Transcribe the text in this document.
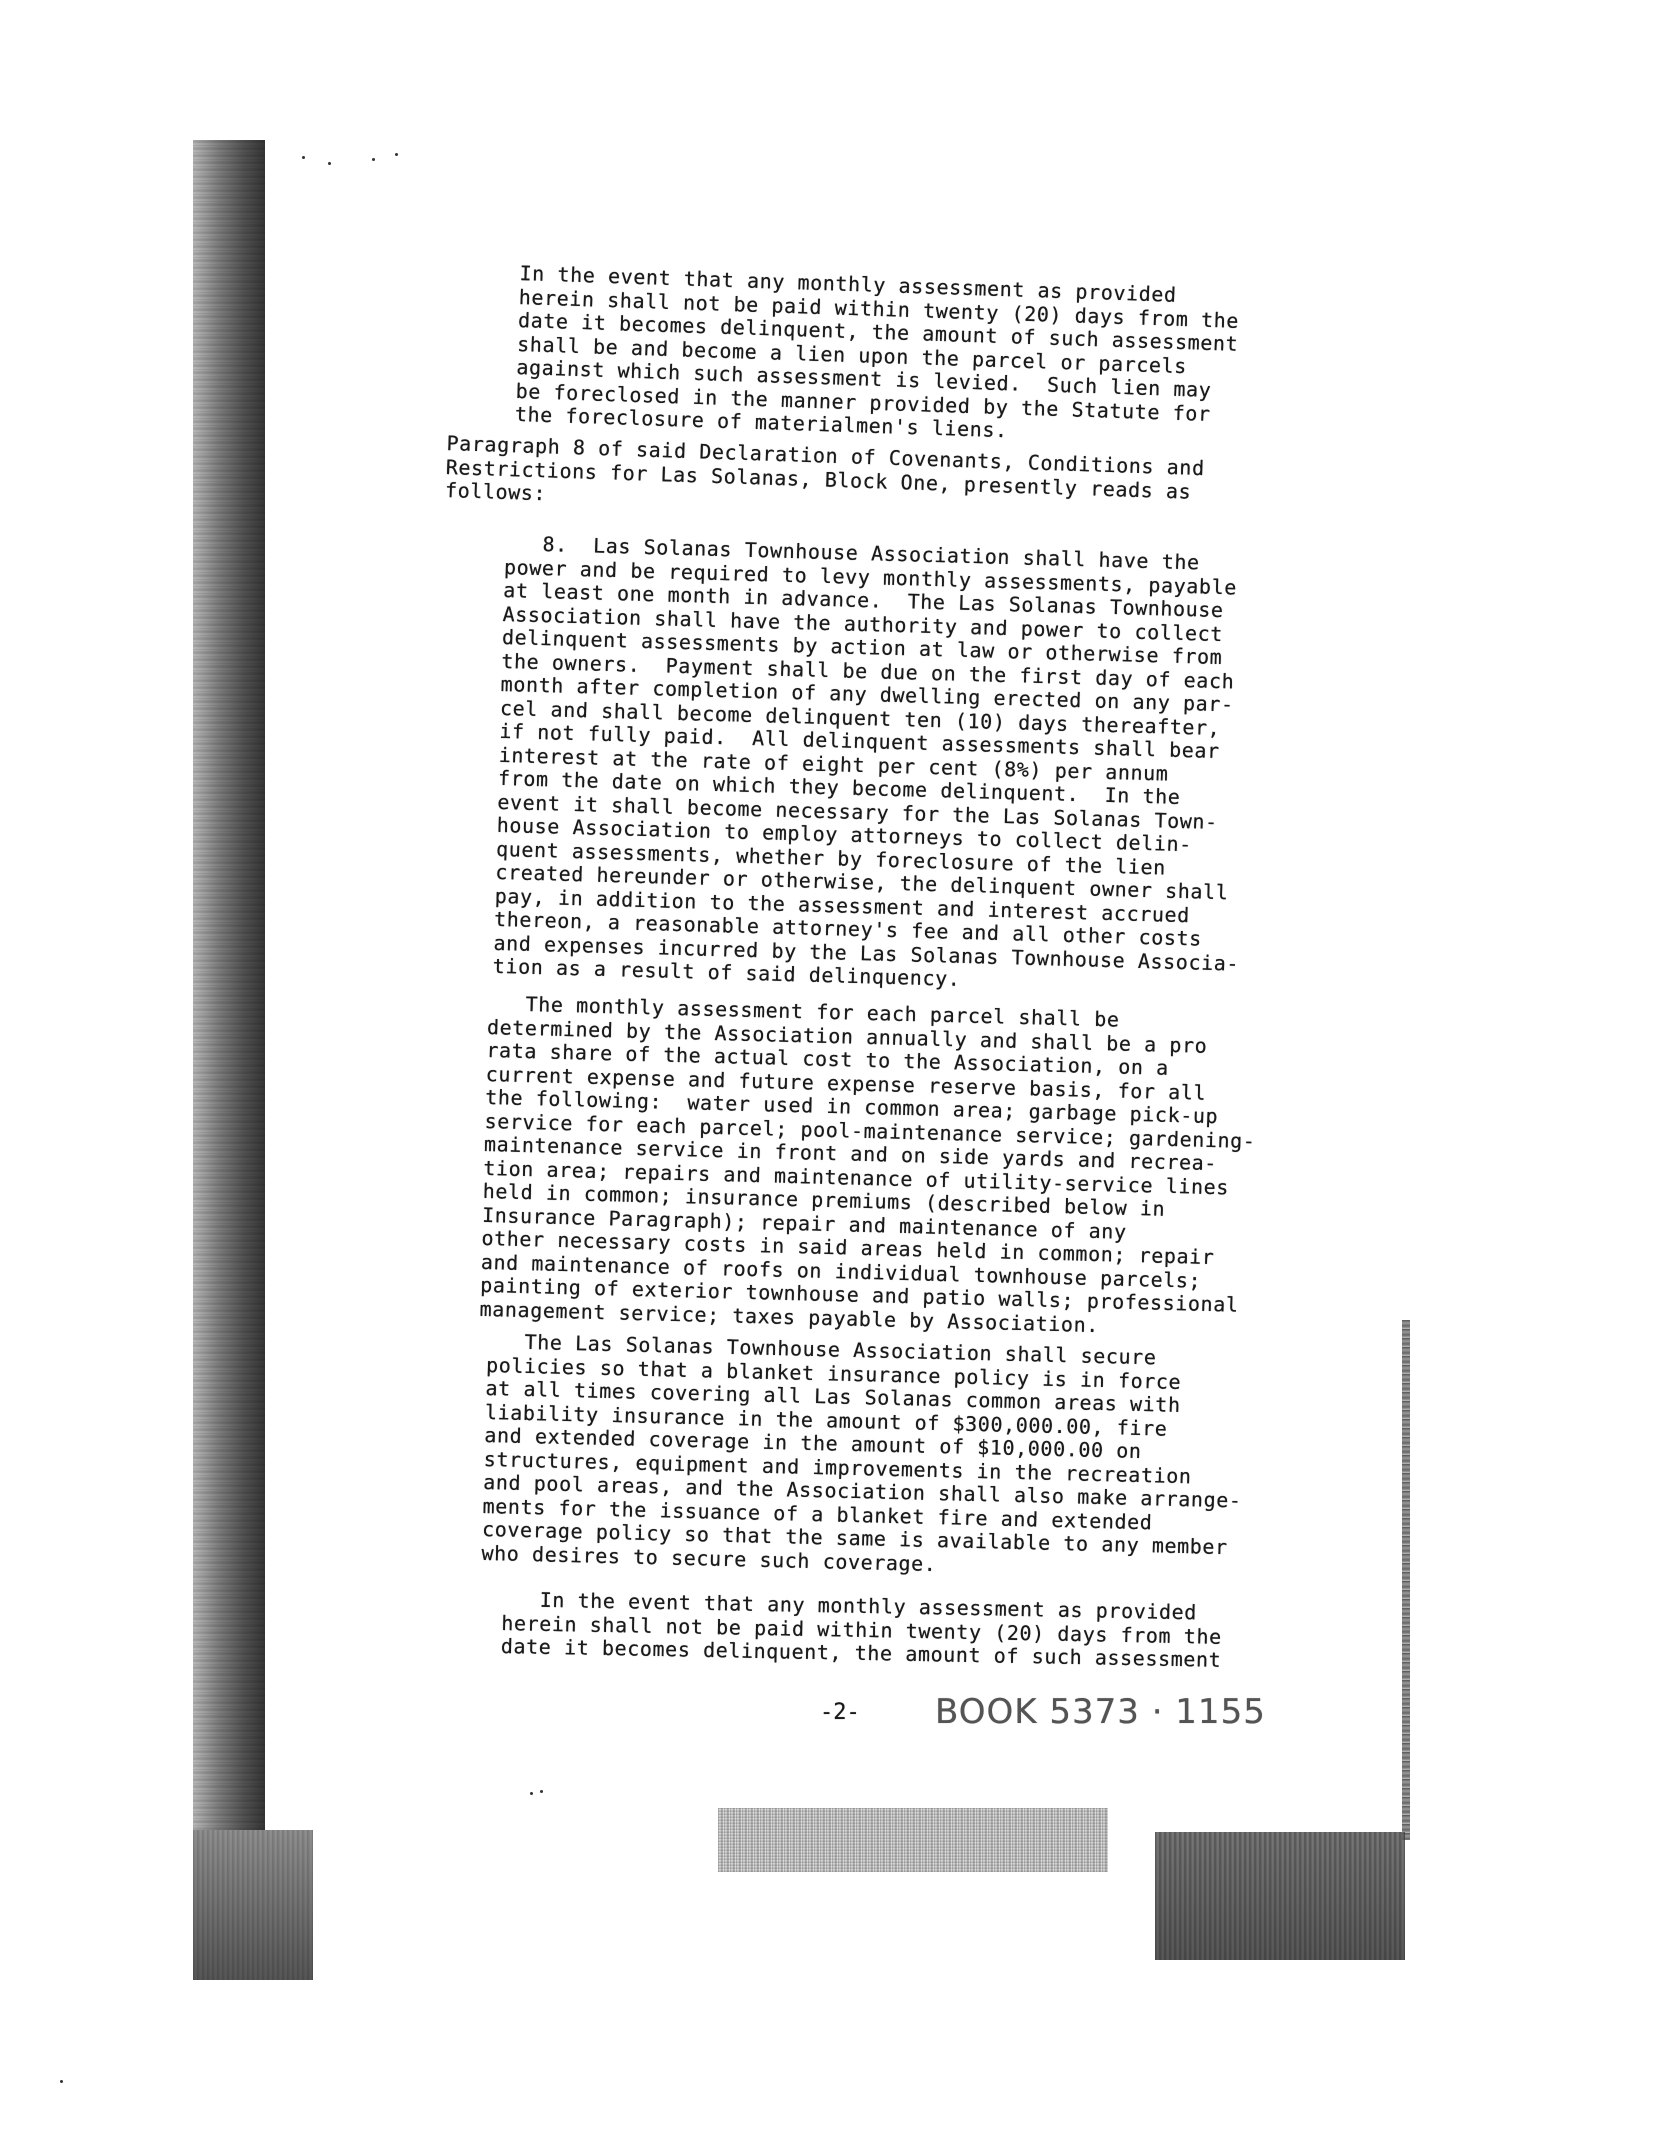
In the event that any monthly assessment as provided
herein shall not be paid within twenty (20) days from the
date it becomes delinquent, the amount of such assessment
shall be and become a lien upon the parcel or parcels
against which such assessment is levied.  Such lien may
be foreclosed in the manner provided by the Statute for
the foreclosure of materialmen's liens.

Paragraph 8 of said Declaration of Covenants, Conditions and
Restrictions for Las Solanas, Block One, presently reads as
follows:

8.  Las Solanas Townhouse Association shall have the
power and be required to levy monthly assessments, payable
at least one month in advance.  The Las Solanas Townhouse
Association shall have the authority and power to collect
delinquent assessments by action at law or otherwise from
the owners.  Payment shall be due on the first day of each
month after completion of any dwelling erected on any par-
cel and shall become delinquent ten (10) days thereafter,
if not fully paid.  All delinquent assessments shall bear
interest at the rate of eight per cent (8%) per annum
from the date on which they become delinquent.  In the
event it shall become necessary for the Las Solanas Town-
house Association to employ attorneys to collect delin-
quent assessments, whether by foreclosure of the lien
created hereunder or otherwise, the delinquent owner shall
pay, in addition to the assessment and interest accrued
thereon, a reasonable attorney's fee and all other costs
and expenses incurred by the Las Solanas Townhouse Associa-
tion as a result of said delinquency.

The monthly assessment for each parcel shall be
determined by the Association annually and shall be a pro
rata share of the actual cost to the Association, on a
current expense and future expense reserve basis, for all
the following:  water used in common area; garbage pick-up
service for each parcel; pool-maintenance service; gardening-
maintenance service in front and on side yards and recrea-
tion area; repairs and maintenance of utility-service lines
held in common; insurance premiums (described below in
Insurance Paragraph); repair and maintenance of any
other necessary costs in said areas held in common; repair
and maintenance of roofs on individual townhouse parcels;
painting of exterior townhouse and patio walls; professional
management service; taxes payable by Association.

The Las Solanas Townhouse Association shall secure
policies so that a blanket insurance policy is in force
at all times covering all Las Solanas common areas with
liability insurance in the amount of $300,000.00, fire
and extended coverage in the amount of $10,000.00 on
structures, equipment and improvements in the recreation
and pool areas, and the Association shall also make arrange-
ments for the issuance of a blanket fire and extended
coverage policy so that the same is available to any member
who desires to secure such coverage.

In the event that any monthly assessment as provided
herein shall not be paid within twenty (20) days from the
date it becomes delinquent, the amount of such assessment

-2- BOOK 5373 · 1155
